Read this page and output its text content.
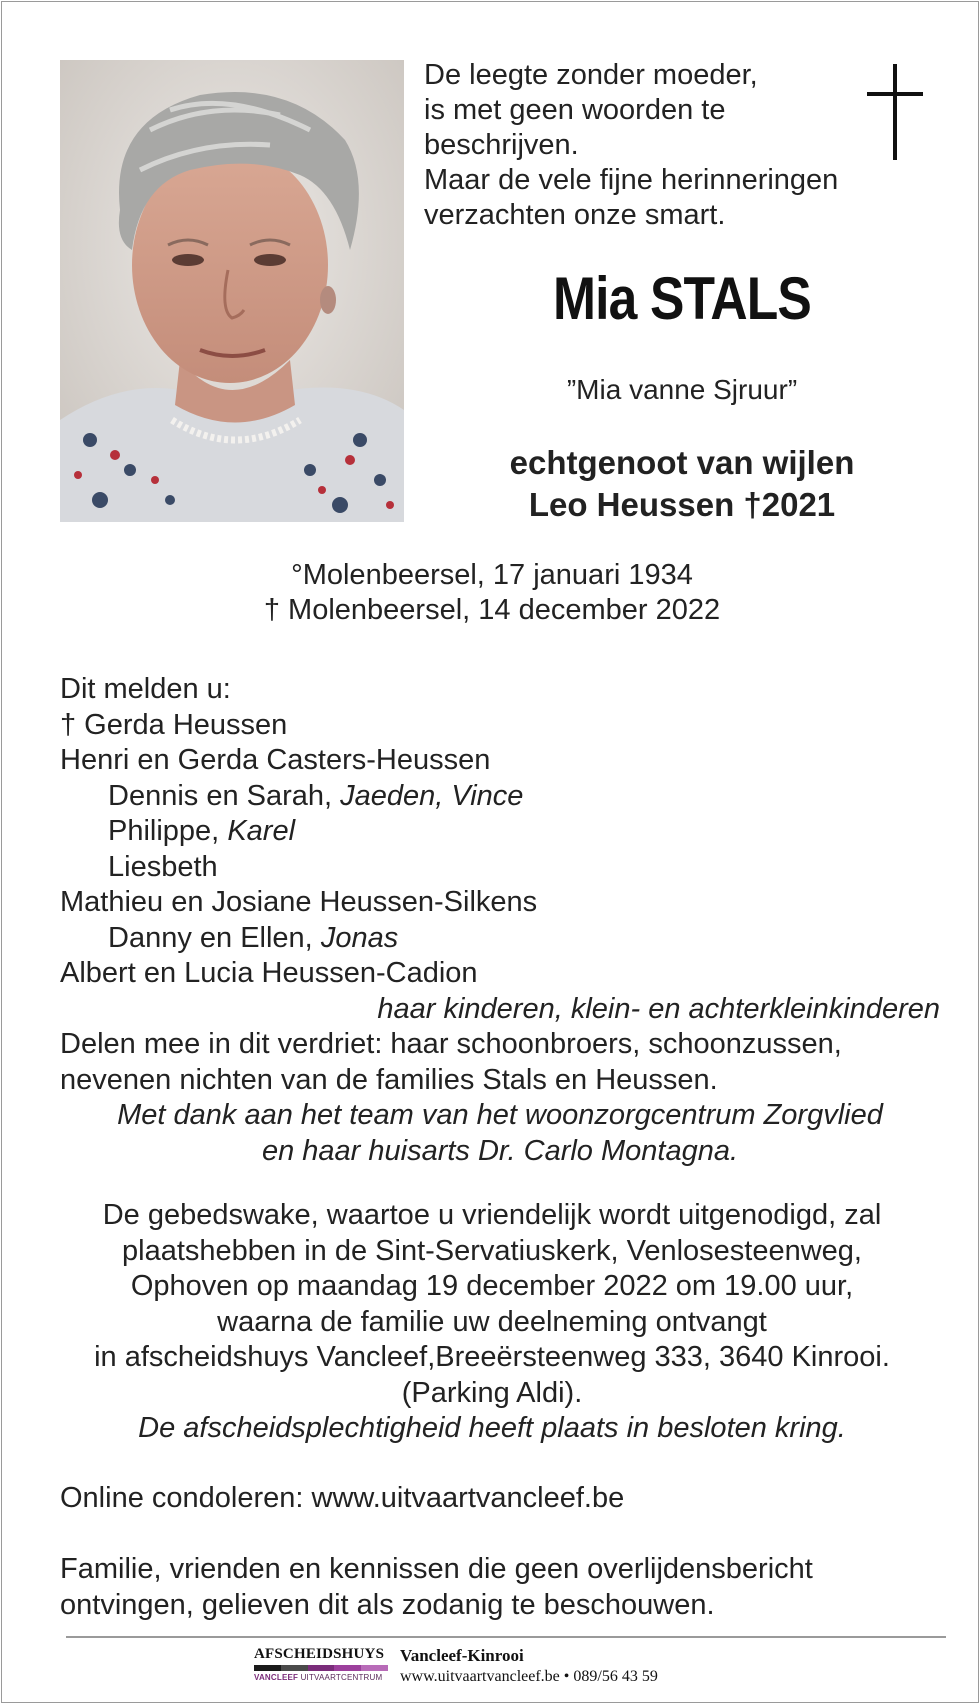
De leegte zonder moeder,
is met geen woorden te
beschrijven.
Maar de vele fijne herinneringen
verzachten onze smart.
Mia STALS
”Mia vanne Sjruur”
echtgenoot van wijlen
Leo Heussen †2021
°Molenbeersel, 17 januari 1934
† Molenbeersel, 14 december 2022
Dit melden u:
† Gerda Heussen
Henri en Gerda Casters-Heussen
Dennis en Sarah, Jaeden, Vince
Philippe, Karel
Liesbeth
Mathieu en Josiane Heussen-Silkens
Danny en Ellen, Jonas
Albert en Lucia Heussen-Cadion
haar kinderen, klein- en achterkleinkinderen
Delen mee in dit verdriet: haar schoonbroers, schoonzussen,
nevenen nichten van de families Stals en Heussen.
Met dank aan het team van het woonzorgcentrum Zorgvlied
en haar huisarts Dr. Carlo Montagna.
De gebedswake, waartoe u vriendelijk wordt uitgenodigd, zal
plaatshebben in de Sint-Servatiuskerk, Venlosesteenweg,
Ophoven op maandag 19 december 2022 om 19.00 uur,
waarna de familie uw deelneming ontvangt
in afscheidshuys Vancleef,Breeërsteenweg 333, 3640 Kinrooi.
(Parking Aldi).
De afscheidsplechtigheid heeft plaats in besloten kring.
Online condoleren: www.uitvaartvancleef.be
Familie, vrienden en kennissen die geen overlijdensbericht
ontvingen, gelieven dit als zodanig te beschouwen.
AFSCHEIDSHUYS
VANCLEEF UITVAARTCENTRUM
Vancleef-Kinrooi
www.uitvaartvancleef.be • 089/56 43 59
